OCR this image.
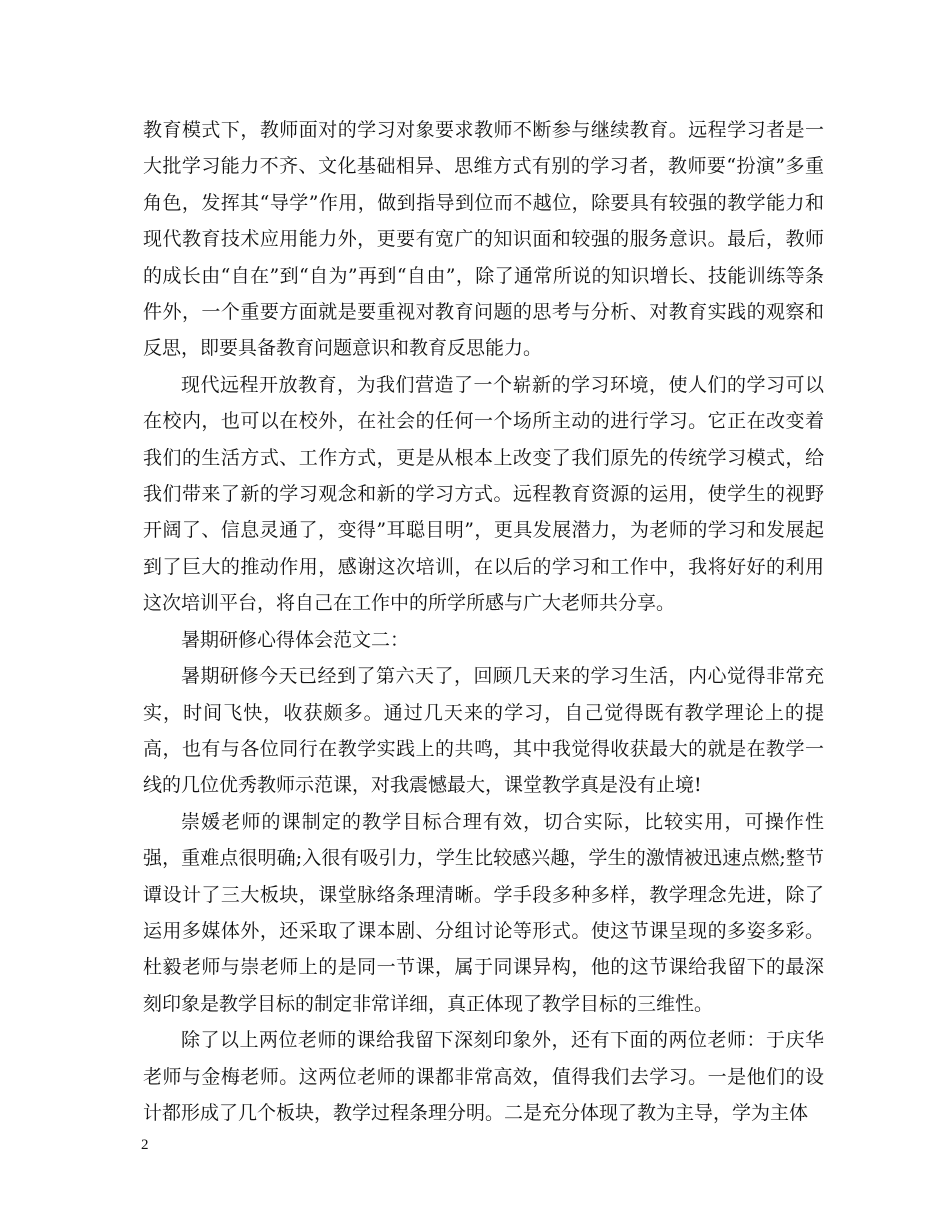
教育模式下，教师面对的学习对象要求教师不断参与继续教育。远程学习者是一大批学习能力不齐、文化基础相异、思维方式有别的学习者，教师要“扮演”多重角色，发挥其“导学”作用，做到指导到位而不越位，除要具有较强的教学能力和现代教育技术应用能力外，更要有宽广的知识面和较强的服务意识。最后，教师的成长由“自在”到“自为”再到“自由”，除了通常所说的知识增长、技能训练等条件外，一个重要方面就是要重视对教育问题的思考与分析、对教育实践的观察和反思，即要具备教育问题意识和教育反思能力。

现代远程开放教育，为我们营造了一个崭新的学习环境，使人们的学习可以在校内，也可以在校外，在社会的任何一个场所主动的进行学习。它正在改变着我们的生活方式、工作方式，更是从根本上改变了我们原先的传统学习模式，给我们带来了新的学习观念和新的学习方式。远程教育资源的运用，使学生的视野开阔了、信息灵通了，变得”耳聪目明”，更具发展潜力，为老师的学习和发展起到了巨大的推动作用，感谢这次培训，在以后的学习和工作中，我将好好的利用这次培训平台，将自己在工作中的所学所感与广大老师共分享。

暑期研修心得体会范文二：

暑期研修今天已经到了第六天了，回顾几天来的学习生活，内心觉得非常充实，时间飞快，收获颇多。通过几天来的学习，自己觉得既有教学理论上的提高，也有与各位同行在教学实践上的共鸣，其中我觉得收获最大的就是在教学一线的几位优秀教师示范课，对我震憾最大，课堂教学真是没有止境!

崇媛老师的课制定的教学目标合理有效，切合实际，比较实用，可操作性强，重难点很明确;入很有吸引力，学生比较感兴趣，学生的激情被迅速点燃;整节谭设计了三大板块，课堂脉络条理清晰。学手段多种多样，教学理念先进，除了运用多媒体外，还采取了课本剧、分组讨论等形式。使这节课呈现的多姿多彩。杜毅老师与崇老师上的是同一节课，属于同课异构，他的这节课给我留下的最深刻印象是教学目标的制定非常详细，真正体现了教学目标的三维性。

除了以上两位老师的课给我留下深刻印象外，还有下面的两位老师：于庆华老师与金梅老师。这两位老师的课都非常高效，值得我们去学习。一是他们的设计都形成了几个板块，教学过程条理分明。二是充分体现了教为主导，学为主体

2
